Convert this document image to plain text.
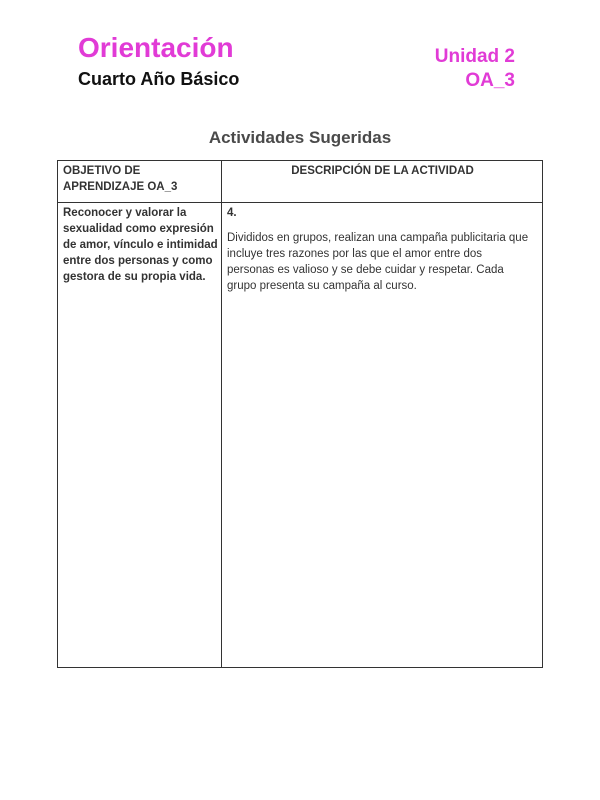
Orientación
Cuarto Año Básico
Unidad 2
OA_3
Actividades Sugeridas
OBJETIVO DE APRENDIZAJE OA_3
DESCRIPCIÓN DE LA ACTIVIDAD
Reconocer y valorar la sexualidad como expresión de amor, vínculo e intimidad entre dos personas y como gestora de su propia vida.
4.
Divididos en grupos, realizan una campaña publicitaria que incluye tres razones por las que el amor entre dos personas es valioso y se debe cuidar y respetar. Cada grupo presenta su campaña al curso.
